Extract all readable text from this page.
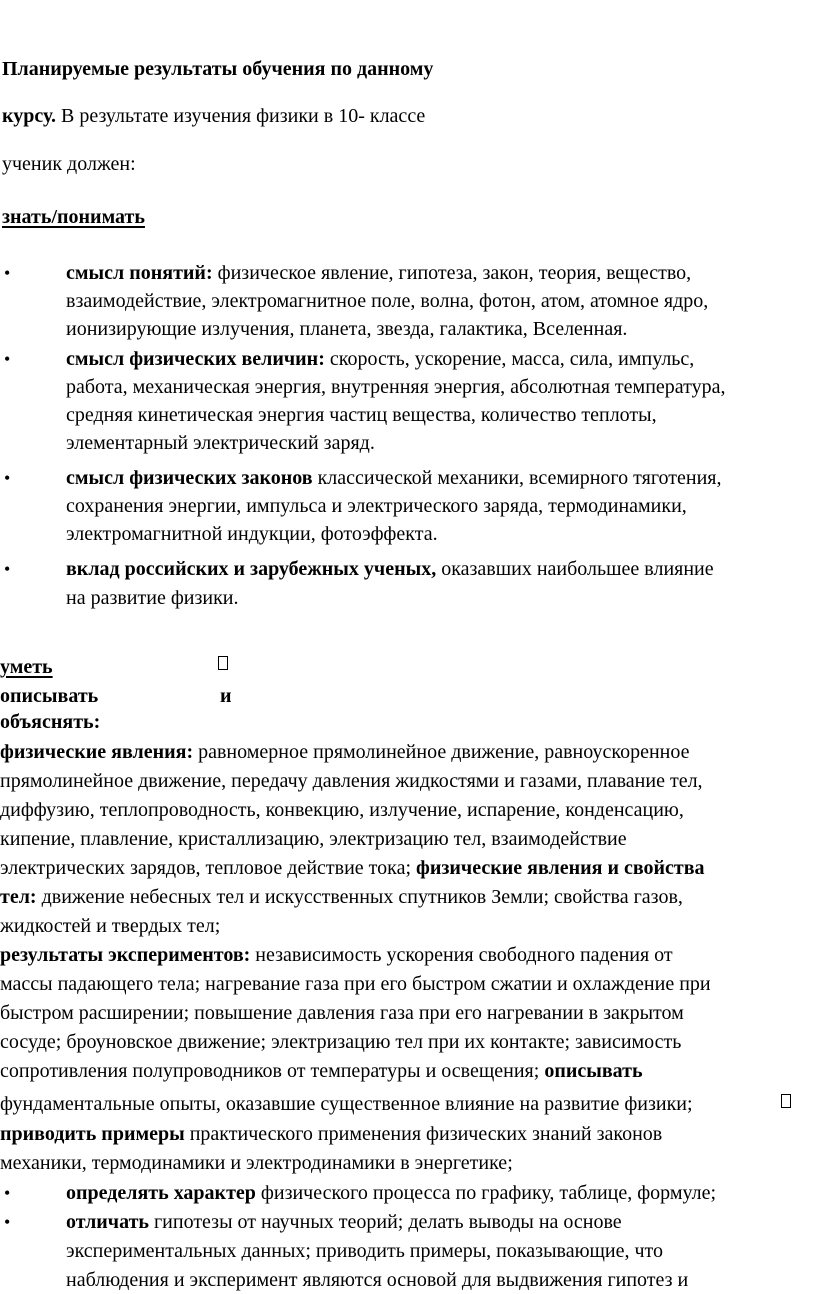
Планируемые результаты обучения по данному
курсу. В результате изучения физики в 10- классе
ученик должен:
знать/понимать
•	смысл понятий: физическое явление, гипотеза, закон, теория, вещество,
взаимодействие, электромагнитное поле, волна, фотон, атом, атомное ядро,
ионизирующие излучения, планета, звезда, галактика, Вселенная.
•	смысл физических величин: скорость, ускорение, масса, сила, импульс,
работа, механическая энергия, внутренняя энергия, абсолютная температура,
средняя кинетическая энергия частиц вещества, количество теплоты,
элементарный электрический заряд.
•	смысл физических законов классической механики, всемирного тяготения,
сохранения энергии, импульса и электрического заряда, термодинамики,
электромагнитной индукции, фотоэффекта.
•	вклад российских и зарубежных ученых, оказавших наибольшее влияние
на развитие физики.
уметь
описывать	и
объяснять:
физические явления: равномерное прямолинейное движение, равноускоренное
прямолинейное движение, передачу давления жидкостями и газами, плавание тел,
диффузию, теплопроводность, конвекцию, излучение, испарение, конденсацию,
кипение, плавление, кристаллизацию, электризацию тел, взаимодействие
электрических зарядов, тепловое действие тока; физические явления и свойства
тел: движение небесных тел и искусственных спутников Земли; свойства газов,
жидкостей и твердых тел;
результаты экспериментов: независимость ускорения свободного падения от
массы падающего тела; нагревание газа при его быстром сжатии и охлаждение при
быстром расширении; повышение давления газа при его нагревании в закрытом
сосуде; броуновское движение; электризацию тел при их контакте; зависимость
сопротивления полупроводников от температуры и освещения; описывать
фундаментальные опыты, оказавшие существенное влияние на развитие физики;
приводить примеры практического применения физических знаний законов
механики, термодинамики и электродинамики в энергетике;
•	определять характер физического процесса по графику, таблице, формуле;
•	отличать гипотезы от научных теорий; делать выводы на основе
экспериментальных данных; приводить примеры, показывающие, что
наблюдения и эксперимент являются основой для выдвижения гипотез и
